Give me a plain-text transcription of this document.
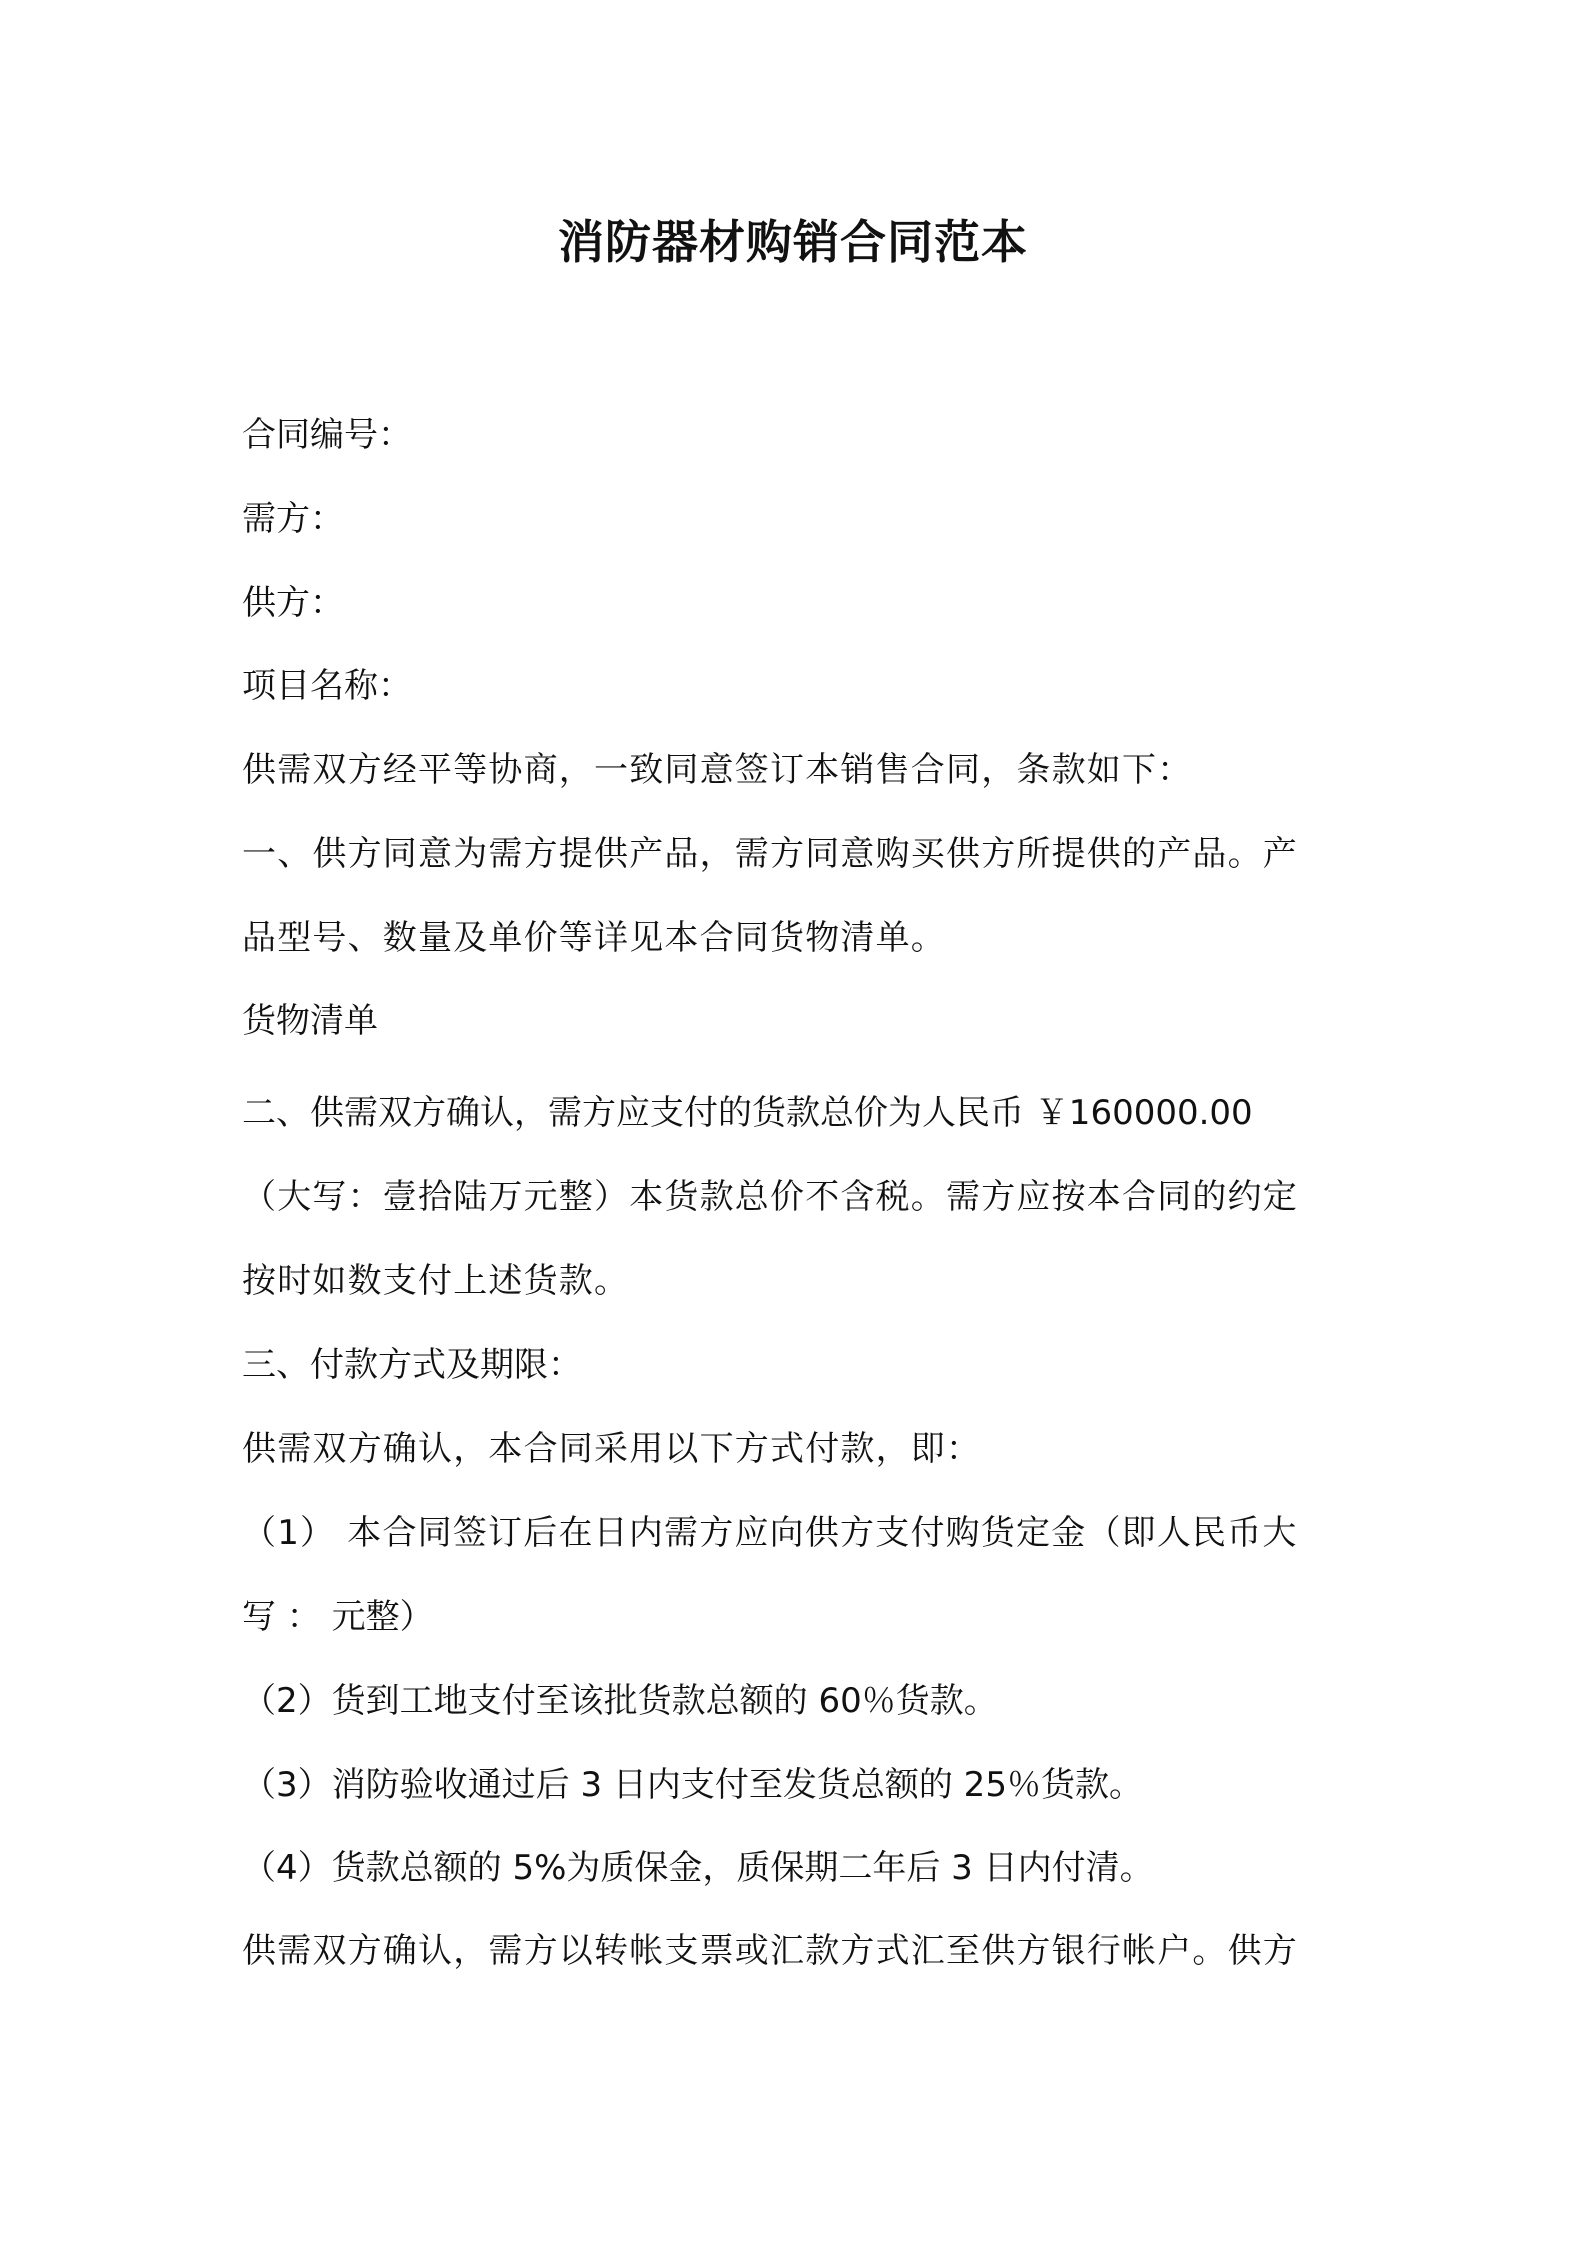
消防器材购销合同范本
合同编号：
需方：
供方：
项目名称：
供需双方经平等协商，一致同意签订本销售合同，条款如下：
一、供方同意为需方提供产品，需方同意购买供方所提供的产品。产
品型号、数量及单价等详见本合同货物清单。
货物清单
二、供需双方确认，需方应支付的货款总价为人民币 ￥160000.00
（大写：壹拾陆万元整）本货款总价不含税。需方应按本合同的约定
按时如数支付上述货款。
三、付款方式及期限：
供需双方确认，本合同采用以下方式付款，即：
（1） 本合同签订后在日内需方应向供方支付购货定金（即人民币大
写 ： 元整）
（2）货到工地支付至该批货款总额的 60％货款。
（3）消防验收通过后 3 日内支付至发货总额的 25％货款。
（4）货款总额的 5%为质保金，质保期二年后 3 日内付清。
供需双方确认，需方以转帐支票或汇款方式汇至供方银行帐户。供方
